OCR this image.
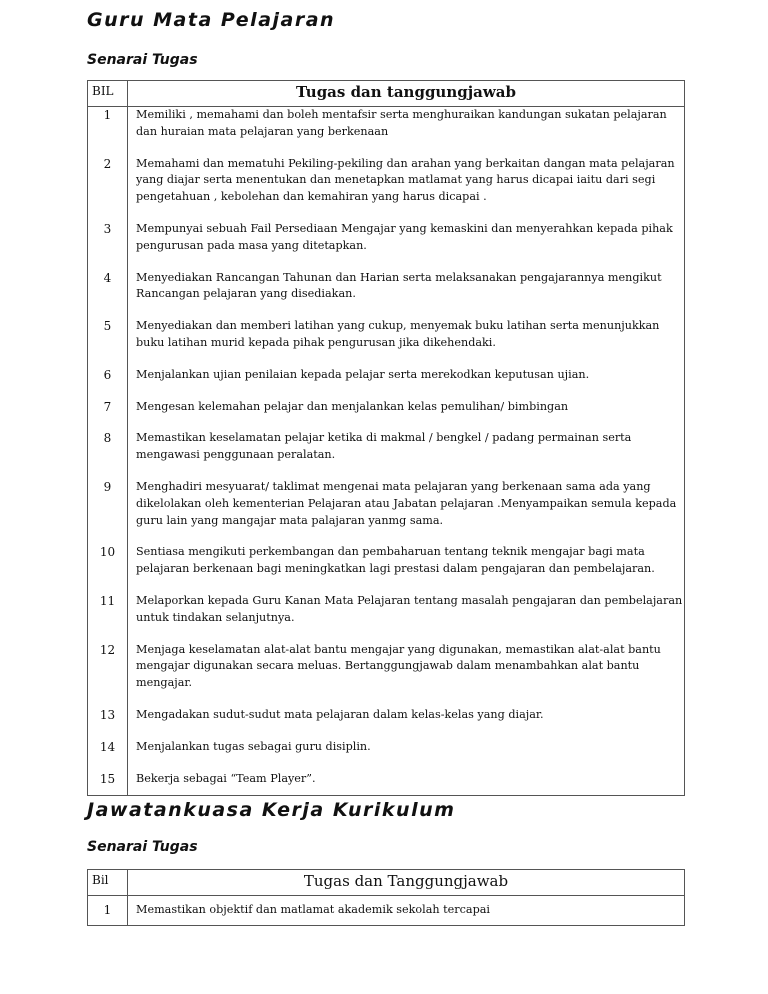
Guru Mata Pelajaran
Senarai Tugas
BIL	Tugas dan tanggungjawab
1	Memiliki , memahami dan boleh mentafsir serta menghuraikan kandungan sukatan pelajaran dan huraian mata pelajaran yang berkenaan
2	Memahami dan mematuhi Pekiling-pekiling dan arahan yang berkaitan dangan mata pelajaran yang diajar serta menentukan dan menetapkan matlamat yang harus dicapai iaitu dari segi pengetahuan , kebolehan dan kemahiran yang harus dicapai .
3	Mempunyai sebuah Fail Persediaan Mengajar yang kemaskini dan menyerahkan kepada pihak pengurusan pada masa yang ditetapkan.
4	Menyediakan Rancangan Tahunan dan Harian serta melaksanakan pengajarannya mengikut Rancangan pelajaran yang disediakan.
5	Menyediakan dan memberi latihan yang cukup, menyemak buku latihan serta menunjukkan buku latihan murid kepada pihak pengurusan jika dikehendaki.
6	Menjalankan ujian penilaian kepada pelajar serta merekodkan keputusan ujian.
7	Mengesan kelemahan pelajar dan menjalankan kelas pemulihan/ bimbingan
8	Memastikan keselamatan pelajar ketika di makmal / bengkel / padang permainan serta mengawasi penggunaan peralatan.
9	Menghadiri mesyuarat/ taklimat mengenai mata pelajaran yang berkenaan sama ada yang dikelolakan oleh kementerian Pelajaran atau Jabatan pelajaran .Menyampaikan semula kepada guru lain yang mangajar mata palajaran yanmg sama.
10	Sentiasa mengikuti perkembangan dan pembaharuan tentang teknik mengajar bagi mata pelajaran berkenaan bagi meningkatkan lagi prestasi dalam pengajaran dan pembelajaran.
11	Melaporkan kepada Guru Kanan Mata Pelajaran tentang masalah pengajaran dan pembelajaran untuk tindakan selanjutnya.
12	Menjaga keselamatan alat-alat bantu mengajar yang digunakan, memastikan alat-alat bantu mengajar digunakan secara meluas. Bertanggungjawab dalam menambahkan alat bantu mengajar.
13	Mengadakan sudut-sudut mata pelajaran dalam kelas-kelas yang diajar.
14	Menjalankan tugas sebagai guru disiplin.
15	Bekerja sebagai “Team Player”.
Jawatankuasa Kerja Kurikulum
Senarai Tugas
Bil	Tugas dan Tanggungjawab
1	Memastikan objektif dan matlamat akademik sekolah tercapai
